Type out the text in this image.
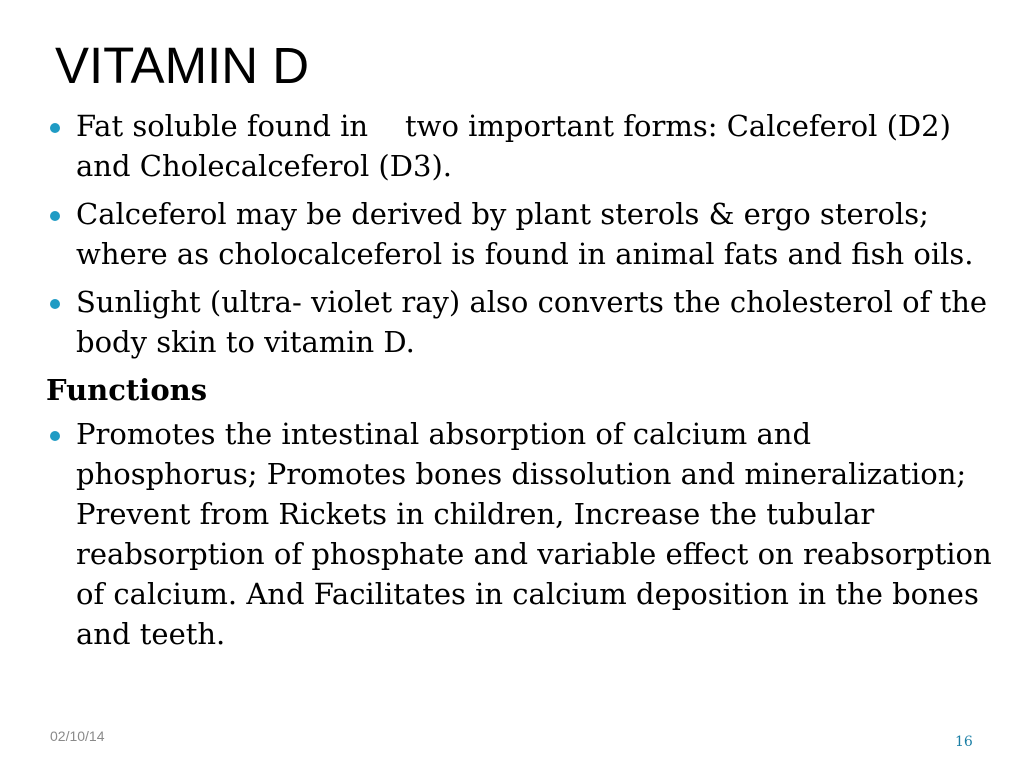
VITAMIN D
Fat soluble found in    two important forms: Calceferol (D2) and Cholecalceferol (D3).
Calceferol may be derived by plant sterols & ergo sterols; where as cholocalceferol is found in animal fats and fish oils.
Sunlight (ultra- violet ray) also converts the cholesterol of the body skin to vitamin D.
Functions
Promotes the intestinal absorption of calcium and phosphorus; Promotes bones dissolution and mineralization; Prevent from Rickets in children, Increase the tubular reabsorption of phosphate and variable effect on reabsorption of calcium. And Facilitates in calcium deposition in the bones and teeth.
02/10/14	16
